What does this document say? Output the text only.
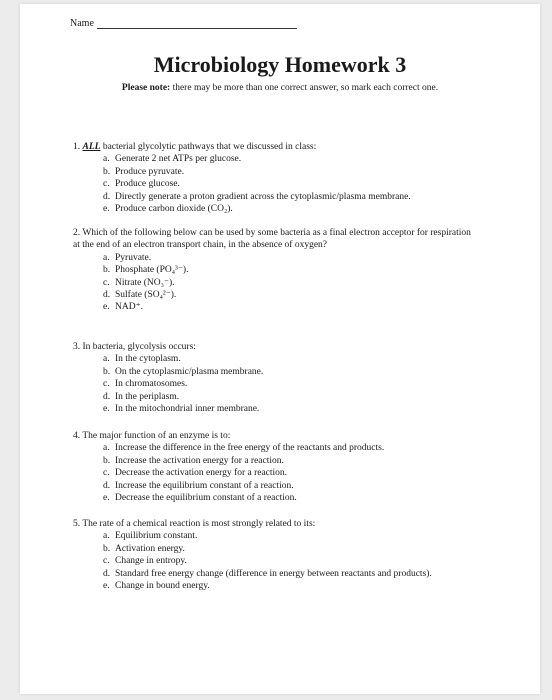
Name
Microbiology Homework 3
Please note: there may be more than one correct answer, so mark each correct one.
1. ALL bacterial glycolytic pathways that we discussed in class:
a. Generate 2 net ATPs per glucose.
b. Produce pyruvate.
c. Produce glucose.
d. Directly generate a proton gradient across the cytoplasmic/plasma membrane.
e. Produce carbon dioxide (CO₂).
2. Which of the following below can be used by some bacteria as a final electron acceptor for respiration at the end of an electron transport chain, in the absence of oxygen?
a. Pyruvate.
b. Phosphate (PO₄³⁻).
c. Nitrate (NO₃⁻).
d. Sulfate (SO₄²⁻).
e. NAD⁺.
3. In bacteria, glycolysis occurs:
a. In the cytoplasm.
b. On the cytoplasmic/plasma membrane.
c. In chromatosomes.
d. In the periplasm.
e. In the mitochondrial inner membrane.
4. The major function of an enzyme is to:
a. Increase the difference in the free energy of the reactants and products.
b. Increase the activation energy for a reaction.
c. Decrease the activation energy for a reaction.
d. Increase the equilibrium constant of a reaction.
e. Decrease the equilibrium constant of a reaction.
5. The rate of a chemical reaction is most strongly related to its:
a. Equilibrium constant.
b. Activation energy.
c. Change in entropy.
d. Standard free energy change (difference in energy between reactants and products).
e. Change in bound energy.
